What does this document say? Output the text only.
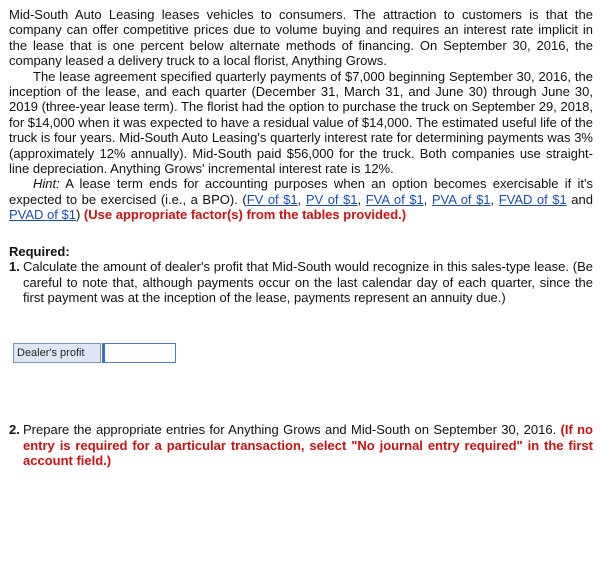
Mid-South Auto Leasing leases vehicles to consumers. The attraction to customers is that the company can offer competitive prices due to volume buying and requires an interest rate implicit in the lease that is one percent below alternate methods of financing. On September 30, 2016, the company leased a delivery truck to a local florist, Anything Grows.

The lease agreement specified quarterly payments of $7,000 beginning September 30, 2016, the inception of the lease, and each quarter (December 31, March 31, and June 30) through June 30, 2019 (three-year lease term). The florist had the option to purchase the truck on September 29, 2018, for $14,000 when it was expected to have a residual value of $14,000. The estimated useful life of the truck is four years. Mid-South Auto Leasing's quarterly interest rate for determining payments was 3% (approximately 12% annually). Mid-South paid $56,000 for the truck. Both companies use straight-line depreciation. Anything Grows' incremental interest rate is 12%.

Hint: A lease term ends for accounting purposes when an option becomes exercisable if it's expected to be exercised (i.e., a BPO). (FV of $1, PV of $1, FVA of $1, PVA of $1, FVAD of $1 and PVAD of $1) (Use appropriate factor(s) from the tables provided.)

Required:

1. Calculate the amount of dealer's profit that Mid-South would recognize in this sales-type lease. (Be careful to note that, although payments occur on the last calendar day of each quarter, since the first payment was at the inception of the lease, payments represent an annuity due.)
Dealer's profit
2. Prepare the appropriate entries for Anything Grows and Mid-South on September 30, 2016. (If no entry is required for a particular transaction, select "No journal entry required" in the first account field.)
